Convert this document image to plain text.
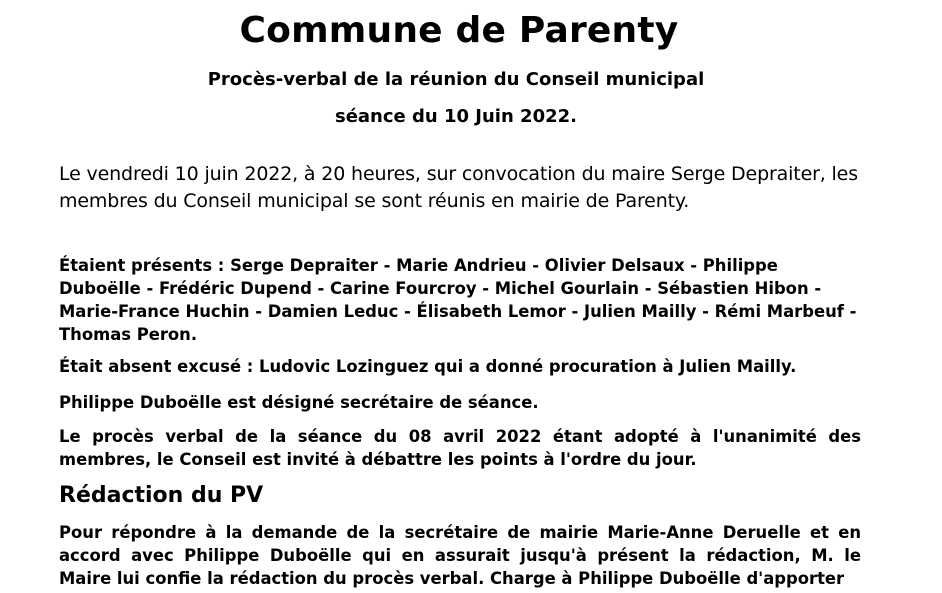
Commune de Parenty

Procès-verbal de la réunion du Conseil municipal

séance du 10 Juin 2022.

Le vendredi 10 juin 2022, à 20 heures, sur convocation du maire Serge Depraiter, les membres du Conseil municipal se sont réunis en mairie de Parenty.

Étaient présents : Serge Depraiter - Marie Andrieu - Olivier Delsaux - Philippe Duboëlle - Frédéric Dupend - Carine Fourcroy - Michel Gourlain - Sébastien Hibon - Marie-France Huchin - Damien Leduc - Élisabeth Lemor - Julien Mailly - Rémi Marbeuf - Thomas Peron.

Était absent excusé : Ludovic Lozinguez qui a donné procuration à Julien Mailly.

Philippe Duboëlle est désigné secrétaire de séance.

Le procès verbal de la séance du 08 avril 2022 étant adopté à l'unanimité des membres, le Conseil est invité à débattre les points à l'ordre du jour.

Rédaction du PV

Pour répondre à la demande de la secrétaire de mairie Marie-Anne Deruelle et en accord avec Philippe Duboëlle qui en assurait jusqu'à présent la rédaction, M. le Maire lui confie la rédaction du procès verbal. Charge à Philippe Duboëlle d'apporter
